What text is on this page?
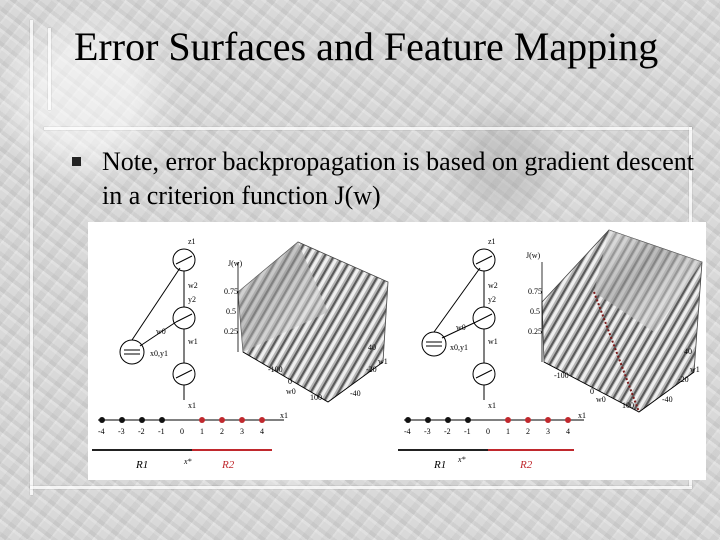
Error Surfaces and Feature Mapping
Note, error backpropagation is based on gradient descent in a criterion function J(w)
z1
w2
y2
w0
x0,y1
w1
x1
J(w)
0.75
0.5
0.25
-100
0
100
w0
40
-20
-40
w1
x1
-4 -3 -2 -1 0 1 2 3 4
R1	x*	R2
z1
w2
y2
w0
x0,y1
w1
x1
J(w)
0.75
0.5
0.25
-100
0
100
w0
40
-20
-40
w1
x1
-4 -3 -2 -1 0 1 2 3 4
R1 x*	R2
